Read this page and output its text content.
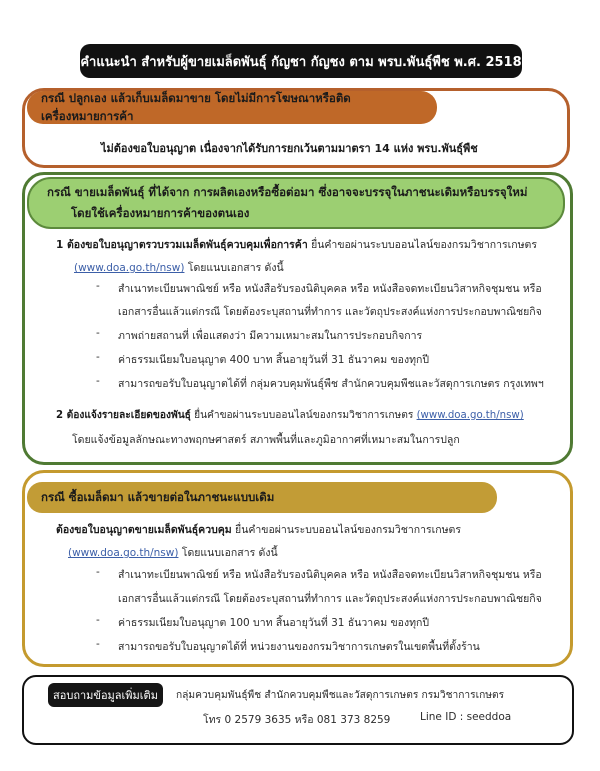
คำแนะนำ สำหรับผู้ขายเมล็ดพันธุ์ กัญชา กัญชง ตาม พรบ.พันธุ์พืช พ.ศ. 2518
กรณี ปลูกเอง แล้วเก็บเมล็ดมาขาย โดยไม่มีการโฆษณาหรือติดเครื่องหมายการค้า
ไม่ต้องขอใบอนุญาต เนื่องจากได้รับการยกเว้นตามมาตรา 14 แห่ง พรบ.พันธุ์พืช
กรณี ขายเมล็ดพันธุ์ ที่ได้จาก การผลิตเองหรือซื้อต่อมา ซึ่งอาจจะบรรจุในภาชนะเดิมหรือบรรจุใหม่
โดยใช้เครื่องหมายการค้าของตนเอง
1 ต้องขอใบอนุญาตรวบรวมเมล็ดพันธุ์ควบคุมเพื่อการค้า ยื่นคำขอผ่านระบบออนไลน์ของกรมวิชาการเกษตร
(www.doa.go.th/nsw) โดยแนบเอกสาร ดังนี้
- สำเนาทะเบียนพาณิชย์ หรือ หนังสือรับรองนิติบุคคล หรือ หนังสือจดทะเบียนวิสาหกิจชุมชน หรือ
เอกสารอื่นแล้วแต่กรณี โดยต้องระบุสถานที่ทำการ และวัตถุประสงค์แห่งการประกอบพาณิชยกิจ
- ภาพถ่ายสถานที่ เพื่อแสดงว่า มีความเหมาะสมในการประกอบกิจการ
- ค่าธรรมเนียมใบอนุญาต 400 บาท สิ้นอายุวันที่ 31 ธันวาคม ของทุกปี
- สามารถขอรับใบอนุญาตได้ที่ กลุ่มควบคุมพันธุ์พืช สำนักควบคุมพืชและวัสดุการเกษตร กรุงเทพฯ
2 ต้องแจ้งรายละเอียดของพันธุ์ ยื่นคำขอผ่านระบบออนไลน์ของกรมวิชาการเกษตร (www.doa.go.th/nsw)
โดยแจ้งข้อมูลลักษณะทางพฤกษศาสตร์ สภาพพื้นที่และภูมิอากาศที่เหมาะสมในการปลูก
กรณี ซื้อเมล็ดมา แล้วขายต่อในภาชนะแบบเดิม
ต้องขอใบอนุญาตขายเมล็ดพันธุ์ควบคุม ยื่นคำขอผ่านระบบออนไลน์ของกรมวิชาการเกษตร
(www.doa.go.th/nsw) โดยแนบเอกสาร ดังนี้
- สำเนาทะเบียนพาณิชย์ หรือ หนังสือรับรองนิติบุคคล หรือ หนังสือจดทะเบียนวิสาหกิจชุมชน หรือ
เอกสารอื่นแล้วแต่กรณี โดยต้องระบุสถานที่ทำการ และวัตถุประสงค์แห่งการประกอบพาณิชยกิจ
- ค่าธรรมเนียมใบอนุญาต 100 บาท สิ้นอายุวันที่ 31 ธันวาคม ของทุกปี
- สามารถขอรับใบอนุญาตได้ที่ หน่วยงานของกรมวิชาการเกษตรในเขตพื้นที่ตั้งร้าน
สอบถามข้อมูลเพิ่มเติม	กลุ่มควบคุมพันธุ์พืช สำนักควบคุมพืชและวัสดุการเกษตร กรมวิชาการเกษตร
โทร 0 2579 3635 หรือ 081 373 8259	Line ID : seeddoa
